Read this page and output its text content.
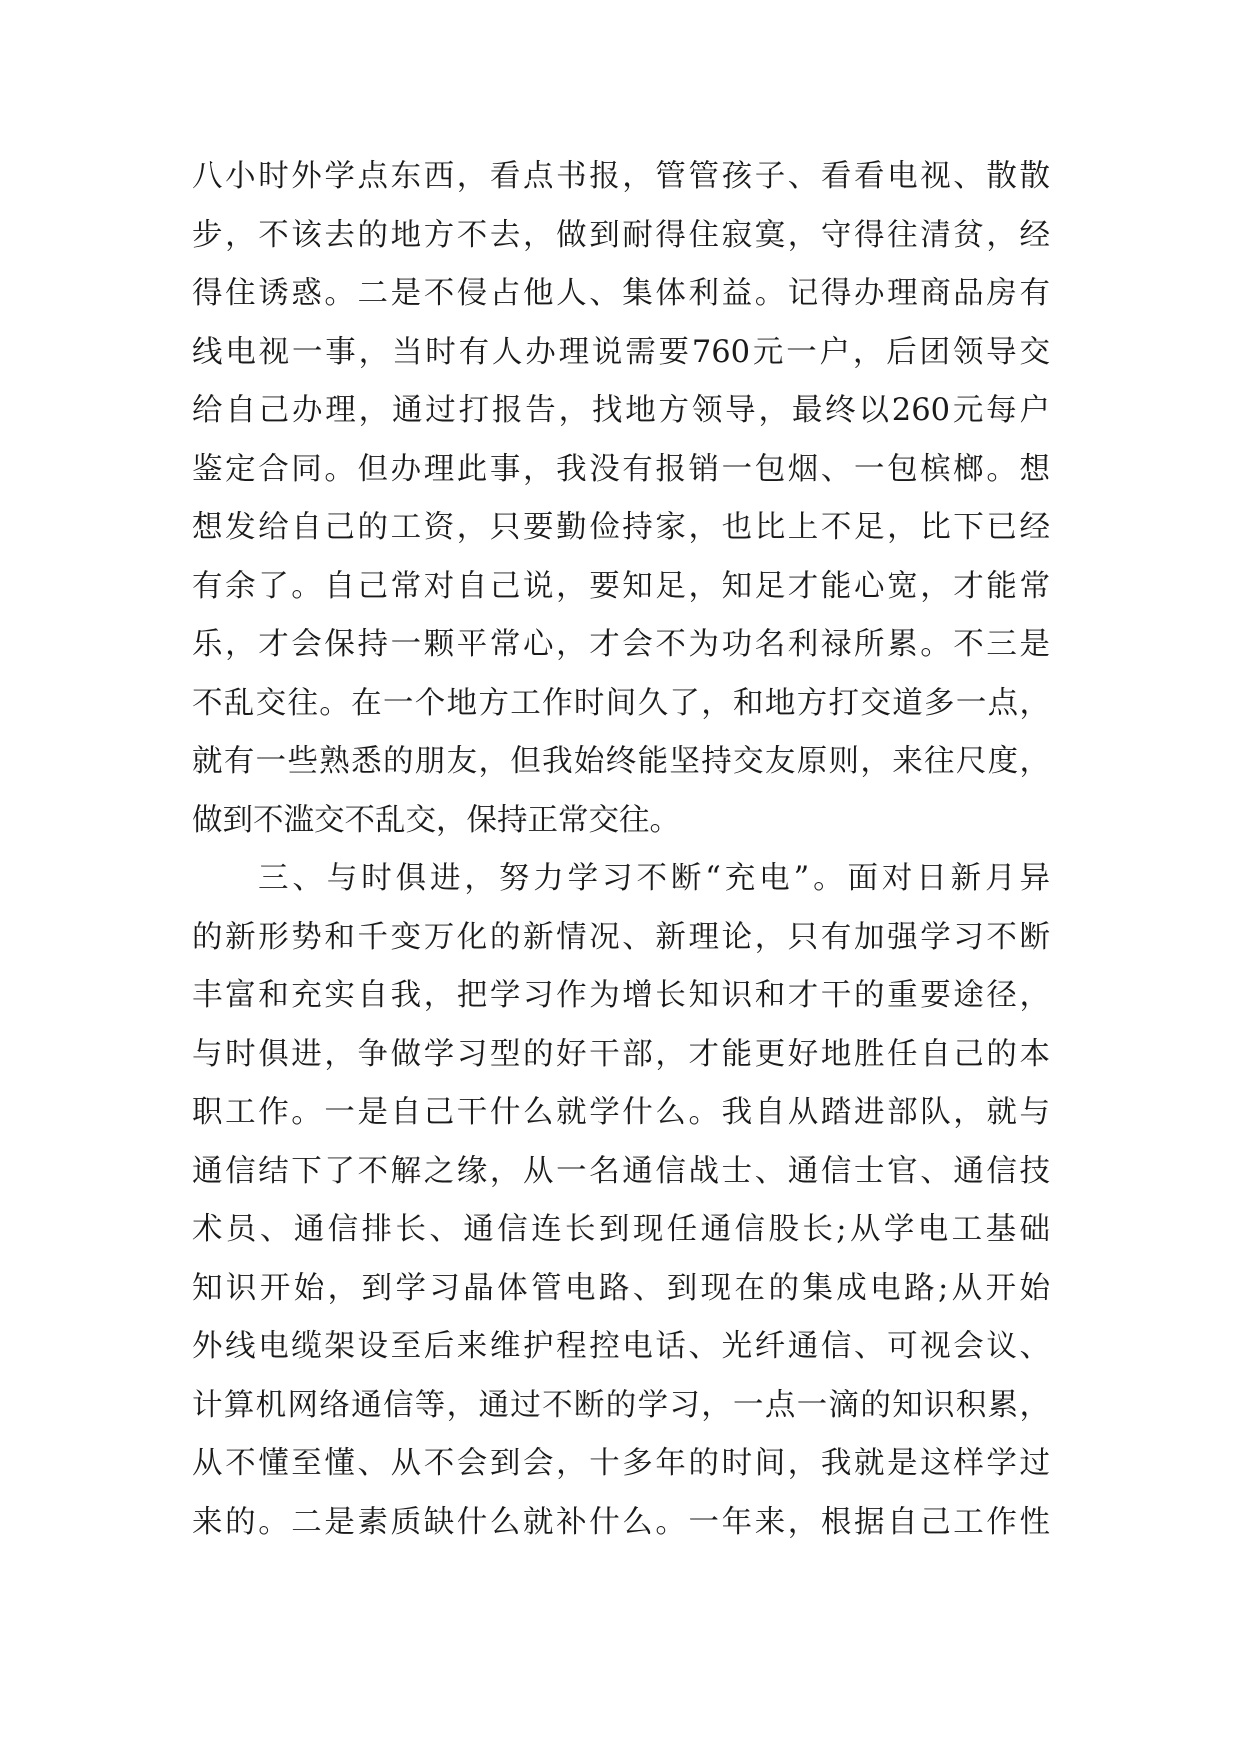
八小时外学点东西，看点书报，管管孩子、看看电视、散散
步，不该去的地方不去，做到耐得住寂寞，守得往清贫，经
得住诱惑。二是不侵占他人、集体利益。记得办理商品房有
线电视一事，当时有人办理说需要760元一户，后团领导交
给自己办理，通过打报告，找地方领导，最终以260元每户
鉴定合同。但办理此事，我没有报销一包烟、一包槟榔。想
想发给自己的工资，只要勤俭持家，也比上不足，比下已经
有余了。自己常对自己说，要知足，知足才能心宽，才能常
乐，才会保持一颗平常心，才会不为功名利禄所累。不三是
不乱交往。在一个地方工作时间久了，和地方打交道多一点，
就有一些熟悉的朋友，但我始终能坚持交友原则，来往尺度，
做到不滥交不乱交，保持正常交往。
三、与时俱进，努力学习不断“充电”。面对日新月异
的新形势和千变万化的新情况、新理论，只有加强学习不断
丰富和充实自我，把学习作为增长知识和才干的重要途径，
与时俱进，争做学习型的好干部，才能更好地胜任自己的本
职工作。一是自己干什么就学什么。我自从踏进部队，就与
通信结下了不解之缘，从一名通信战士、通信士官、通信技
术员、通信排长、通信连长到现任通信股长;从学电工基础
知识开始，到学习晶体管电路、到现在的集成电路;从开始
外线电缆架设至后来维护程控电话、光纤通信、可视会议、
计算机网络通信等，通过不断的学习，一点一滴的知识积累，
从不懂至懂、从不会到会，十多年的时间，我就是这样学过
来的。二是素质缺什么就补什么。一年来，根据自己工作性
